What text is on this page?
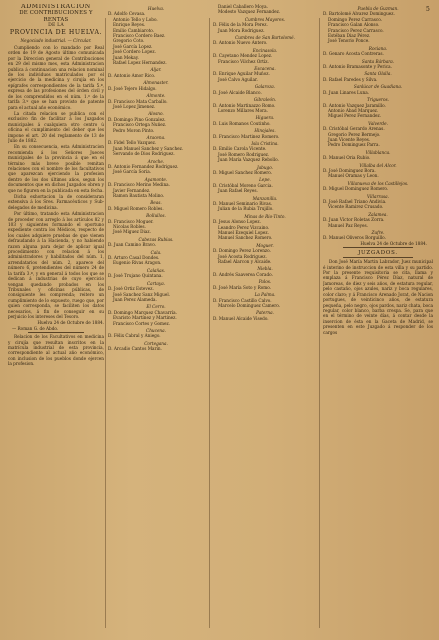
5
ADMINISTRACION
DE CONTRIBUCIONES Y RENTAS
DE LA
PROVINCIA DE HUELVA.
Negociado industrial. — Circular.

Cumpliendo con lo mandado por Real orden de 19 de Agosto último comunicada por la Direccion general de Contribuciones en 29 del mismo mes, esta Administracion publica á continuacion una relacion nominal de los individuos matriculados por el ejercicio de la medicina y cirujía en los epígrafes correspondientes de la tarifa 5.ª, expresa de las profesiones del órden civil y de los comprendidos en el núm. 1.º de la tarifa 3.º que se han provisto de patente para el actual año económico.

La citada relacion se publica con el exclusivo fin de facilitar á los Juzgados municipales á cualquiera otro centro ú oficina el cumplimiento del deber que les impone el art. 20 del reglamento de 13 de Julio de 1882.

En su consecuencia, esta Administracion recomienda á los Señores Jueces municipales de la provincia á que en el término más breve posible remitan relaciones con el nombre de los facultativos que aparezcan ejerciendo la profesion dentro de los dos últimos años, segun los documentos que en dichos Juzgados obren y que no figuren en la publicada en esta fecha.

Dicha exhortacion la de consideraran extensiva á los Sres. Farmacéuticos y Sub-delegados de medicina.

Por último, tratando esta Administracion de proceder con arreglo á los artículos 82 y 103 y siguientes formando el oportuno expediente contra los Médicos, respecto de los cuales adquiere pruebas de que vienen defraudando á la Hacienda, y no habiendo razon alguna para dejar de aplicar igual procedimiento con relacion á los administradores y habilitados del núm. 1, arrendatarios del núm. 2, aparece del número 6, pretendientes del número 24 de la tarifa 3.ª, y en general á todos los que se dedican á industrias de cuyo ejercicio vengan quedando probados en los Tribunales y oficinas públicas, de consiguiente les comprenda; reitero un cumplimiento de lo expuesto, ruego que, por quien corresponda, se faciliten los datos necesarios, á fin de conseguir en su perjuicio los intereses del Tesoro.

Huelva 24 de Octubre de 1884.

— Roman G. de Abdo.

Relacion de los Facultativos en medicina y cirujía que resultan inscritos en la matrícula industrial de esta provincia, correspondiente al actual año económico, con inclusion de los pueblos donde ejercen la profesion.

Huelva.

D. Adolfo Cevasa.

Antonio Tello y Lobo.

Enrique Reyes.

Emilio Cambiaroto.

Francisco Cordero Baez.

Gregorio Coto.

José García Lopez.

José Cordero Lopez.

Juan Mekay.

Rafael Lopez Hernandez.

Aljar.

D. Antonio Amor Rico.

Almonaster.

D. José Tejero Hidalgo.

Almonte.

D. Francisco Mata Carballo.

José Lopez Jimenez.

Alosno.

D. Domingo Pino Gonzalez.

Francisco Ortega Nuñez.

Pedro Moron Pinto.

Aracena.

D. Fidel Tello Vazquez.

Juan Manuel Sanchez y Sanchez.

Servando de Dios Rodriguez.

Aroche.

D. Antonio Fernandez Rodriguez.

José García Soria.

Ayamonte.

D. Francisco Merino Medina.

Javier Fernandez.

Ramon Bautista Molino.

Beas.

D. Miguel Romero Robles.

Bollullos.

D. Francisco Moguer.

Nicolas Robles.

José Miguez Diaz.

Cabezas Rubias.

D. Juan Camino Bravo.

Cala.

D. Arturo Casal Dondes.

Eugenio Rivas Aragon.

Calañas.

D. José Trujano Quintana.

Cartaya.

D. José Ortiz Estevez.

José Sanchez Sanz Miguel.

Juan Perez Alameda.

El Cerro.

D. Domingo Marquez Chavarría.

Evaristo Martínez y Martinez.

Francisco Cortes y Gomez.

Chucena.

D. Félix Cabral y Aniego.

Cortegana.

D. Arcadio Cantos Marín.

Daniel Caballero Moya.

Modesto Vazquez Fernandez.

Cumbres Mayores.

D. Félix de la Mora Perez.

Juan Mora Rodriguez.

Cumbres de San Bartolomé.

D. Antonio Nuevo Antero.

Encinasola.

D. Cayetano Mendez Lopez.

Francisco Vilchez Ortíz.

Escacena.

D. Enrique Aguilar Muñoz.

José Calvo Aguilar.

Galaroza.

D. José Alcaide Blanco.

Gibraleón.

D. Antonio Martinazzo Romo.

Lorenzo Millares Mora.

Higuera.

D. Luis Romanos Coutinho.

Hinojales.

D. Francisco Martinez Romero.

Isla Cristina.

D. Emilio Carola Vicente.

José Romero Rodriguez.

Juan María Vazquez Rebollo.

Jabugo.

D. Miguel Sanchez Romero.

Lepe.

D. Cristóbal Moreno Garcia.

Juan Rafael Reyes.

Manzanilla.

D. Manuel Seminario Rivas.

Julian de la Rubia Trujillo.

Minas de Rio-Tinto.

D. Jesus Alonso Lopez.

Leandro Perez Vizcaino.

Manuel Ezequiel Lopez.

Manuel Sanchez Romero.

Moguer.

D. Domingo Perez Lorenzo.

José Acosta Rodriguez.

Rafael Alarcon y Alcaide.

Niebla.

D. Andrés Saaverea Corado.

Palos.

D. José María Soto y Romo.

La Palma.

D. Francisco Castillo Calvo.

Marcelo Dominguez Camero.

Paterna.

D. Manuel Alcaide Visedo.

Puebla de Guzman.

D. Bartolomé Alvarez Dominguez.

Domingo Perez Carrasco.

Francisco Galan Alonso.

Francisco Perez Carrasco.

Estéban Diaz Pérez.

José Tenorio Ponce.

Rociana.

D. Genaro Acosta Contreras.

Santa Bárbara.

D. Antonio Bramasonte y Perica.

Santa Olalla.

D. Rafael Paredes y Silva.

Sanlúcar de Guadiana.

D. Juan Linares Luna.

Trigueros.

D. Antonio Vazquez Jaramillo.

Antonio Abad Marquez.

Miguel Perez Fernandez.

Valverde.

D. Cristóbal Gerardo Arenas.

Gregorio Perez Bermejo.

Juan Vicente Reyes.

Pedro Dominguez Parra.

Villablanca.

D. Manuel Oria Rubio.

Villalba del Alcor.

D. José Dominguez Bora.

Manuel Oramas y Leon.

Villanueva de los Castillejos.

D. Miguel Dominguez Romero.

Villarrasa.

D. José Rafael Triano Andivia.

Vicente Ramirez Crusado.

Zalamea.

D. Juan Víctor Roletas Zorra.

Manuel Paz Reyes.

Zufre.

D. Manuel Oliveros Borguillo.

Huelva 24 de Octubre de 1884.

JUZGADOS.

Don José María Martin Labrador, Juez municipal é interino de instruccion de esta villa y su partido. Por la presente requisitoria se cita, llama y emplaza á Francisco Pérez Díaz, natural de Jamoreas, de diez y seis años, de estatura regular, pelo castaño, ojos azules, nariz y boca regulares, color claro; y á Francisco Arenado Jorat, de Nacion portugues, de veinticinco años, de estatura pequeña, pelo negro, ojos pardos, nariz chata, boca regular, color blanco, barba crespa. Se, para que en el término de veinte días, á contar desde la insercion de ésta en la Gaceta de Madrid, se presenten en este Juzgado á responder de los cargos
